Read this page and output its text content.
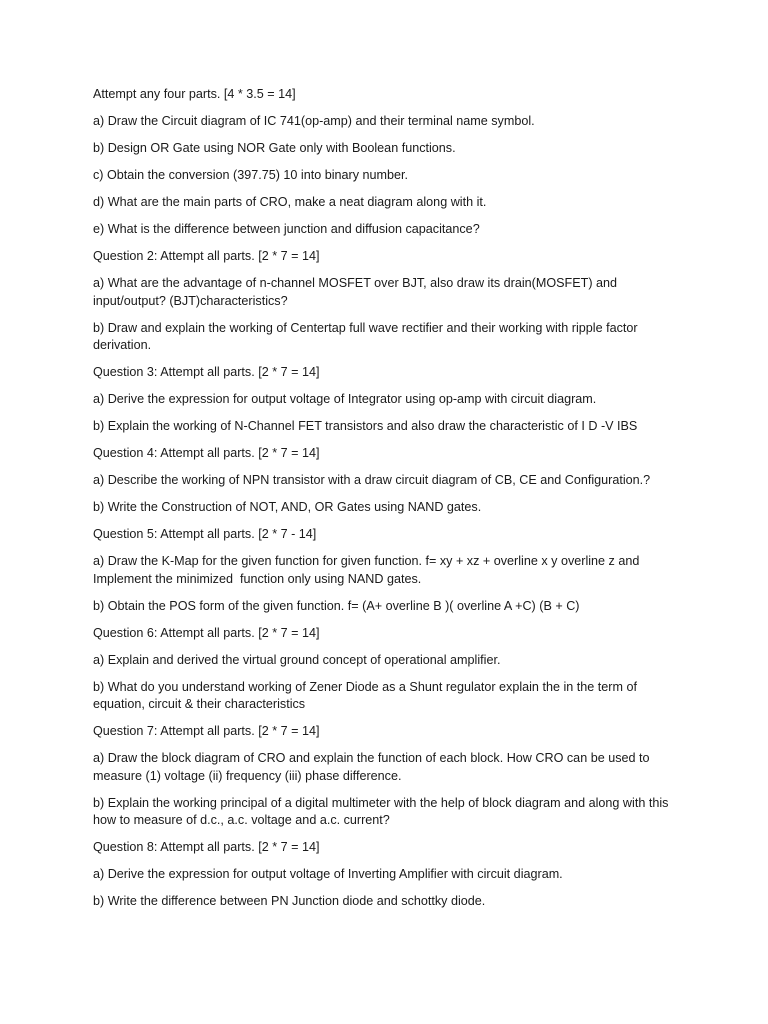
Attempt any four parts. [4 * 3.5 = 14]

a) Draw the Circuit diagram of IC 741(op-amp) and their terminal name symbol.

b) Design OR Gate using NOR Gate only with Boolean functions.

c) Obtain the conversion (397.75) 10 into binary number.

d) What are the main parts of CRO, make a neat diagram along with it.

e) What is the difference between junction and diffusion capacitance?

Question 2: Attempt all parts. [2 * 7 = 14]

a) What are the advantage of n-channel MOSFET over BJT, also draw its drain(MOSFET) and input/output? (BJT)characteristics?

b) Draw and explain the working of Centertap full wave rectifier and their working with ripple factor derivation.

Question 3: Attempt all parts. [2 * 7 = 14]

a) Derive the expression for output voltage of Integrator using op-amp with circuit diagram.

b) Explain the working of N-Channel FET transistors and also draw the characteristic of I D -V IBS

Question 4: Attempt all parts. [2 * 7 = 14]

a) Describe the working of NPN transistor with a draw circuit diagram of CB, CE and Configuration.?

b) Write the Construction of NOT, AND, OR Gates using NAND gates.

Question 5: Attempt all parts. [2 * 7 - 14]

a) Draw the K-Map for the given function for given function. f= xy + xz + overline x y overline z and Implement the minimized  function only using NAND gates.

b) Obtain the POS form of the given function. f= (A+ overline B )( overline A +C) (B + C)

Question 6: Attempt all parts. [2 * 7 = 14]

a) Explain and derived the virtual ground concept of operational amplifier.

b) What do you understand working of Zener Diode as a Shunt regulator explain the in the term of equation, circuit & their characteristics

Question 7: Attempt all parts. [2 * 7 = 14]

a) Draw the block diagram of CRO and explain the function of each block. How CRO can be used to measure (1) voltage (ii) frequency (iii) phase difference.

b) Explain the working principal of a digital multimeter with the help of block diagram and along with this how to measure of d.c., a.c. voltage and a.c. current?

Question 8: Attempt all parts. [2 * 7 = 14]

a) Derive the expression for output voltage of Inverting Amplifier with circuit diagram.

b) Write the difference between PN Junction diode and schottky diode.
